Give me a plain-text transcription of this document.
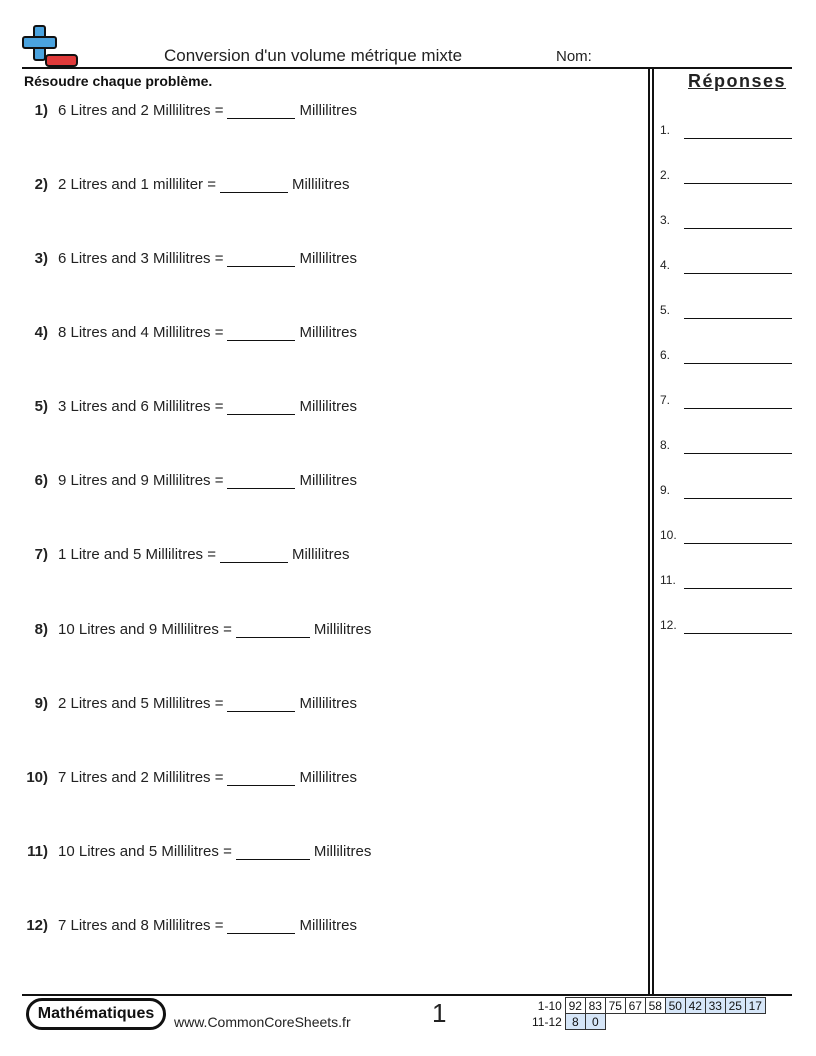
Conversion d'un volume métrique mixte	Nom:
Résoudre chaque problème.
1) 6 Litres and 2 Millilitres =	Millilitres
2) 2 Litres and 1 milliliter =	Millilitres
3) 6 Litres and 3 Millilitres =	Millilitres
4) 8 Litres and 4 Millilitres =	Millilitres
5) 3 Litres and 6 Millilitres =	Millilitres
6) 9 Litres and 9 Millilitres =	Millilitres
7) 1 Litre and 5 Millilitres =	Millilitres
8) 10 Litres and 9 Millilitres =	Millilitres
9) 2 Litres and 5 Millilitres =	Millilitres
10) 7 Litres and 2 Millilitres =	Millilitres
11) 10 Litres and 5 Millilitres =	Millilitres
12) 7 Litres and 8 Millilitres =	Millilitres
Réponses
1.
2.
3.
4.
5.
6.
7.
8.
9.
10.
11.
12.
Mathématiques	www.CommonCoreSheets.fr	1	1-10	92	83	75	67	58	50	42	33	25	17
11-12	8	0								
